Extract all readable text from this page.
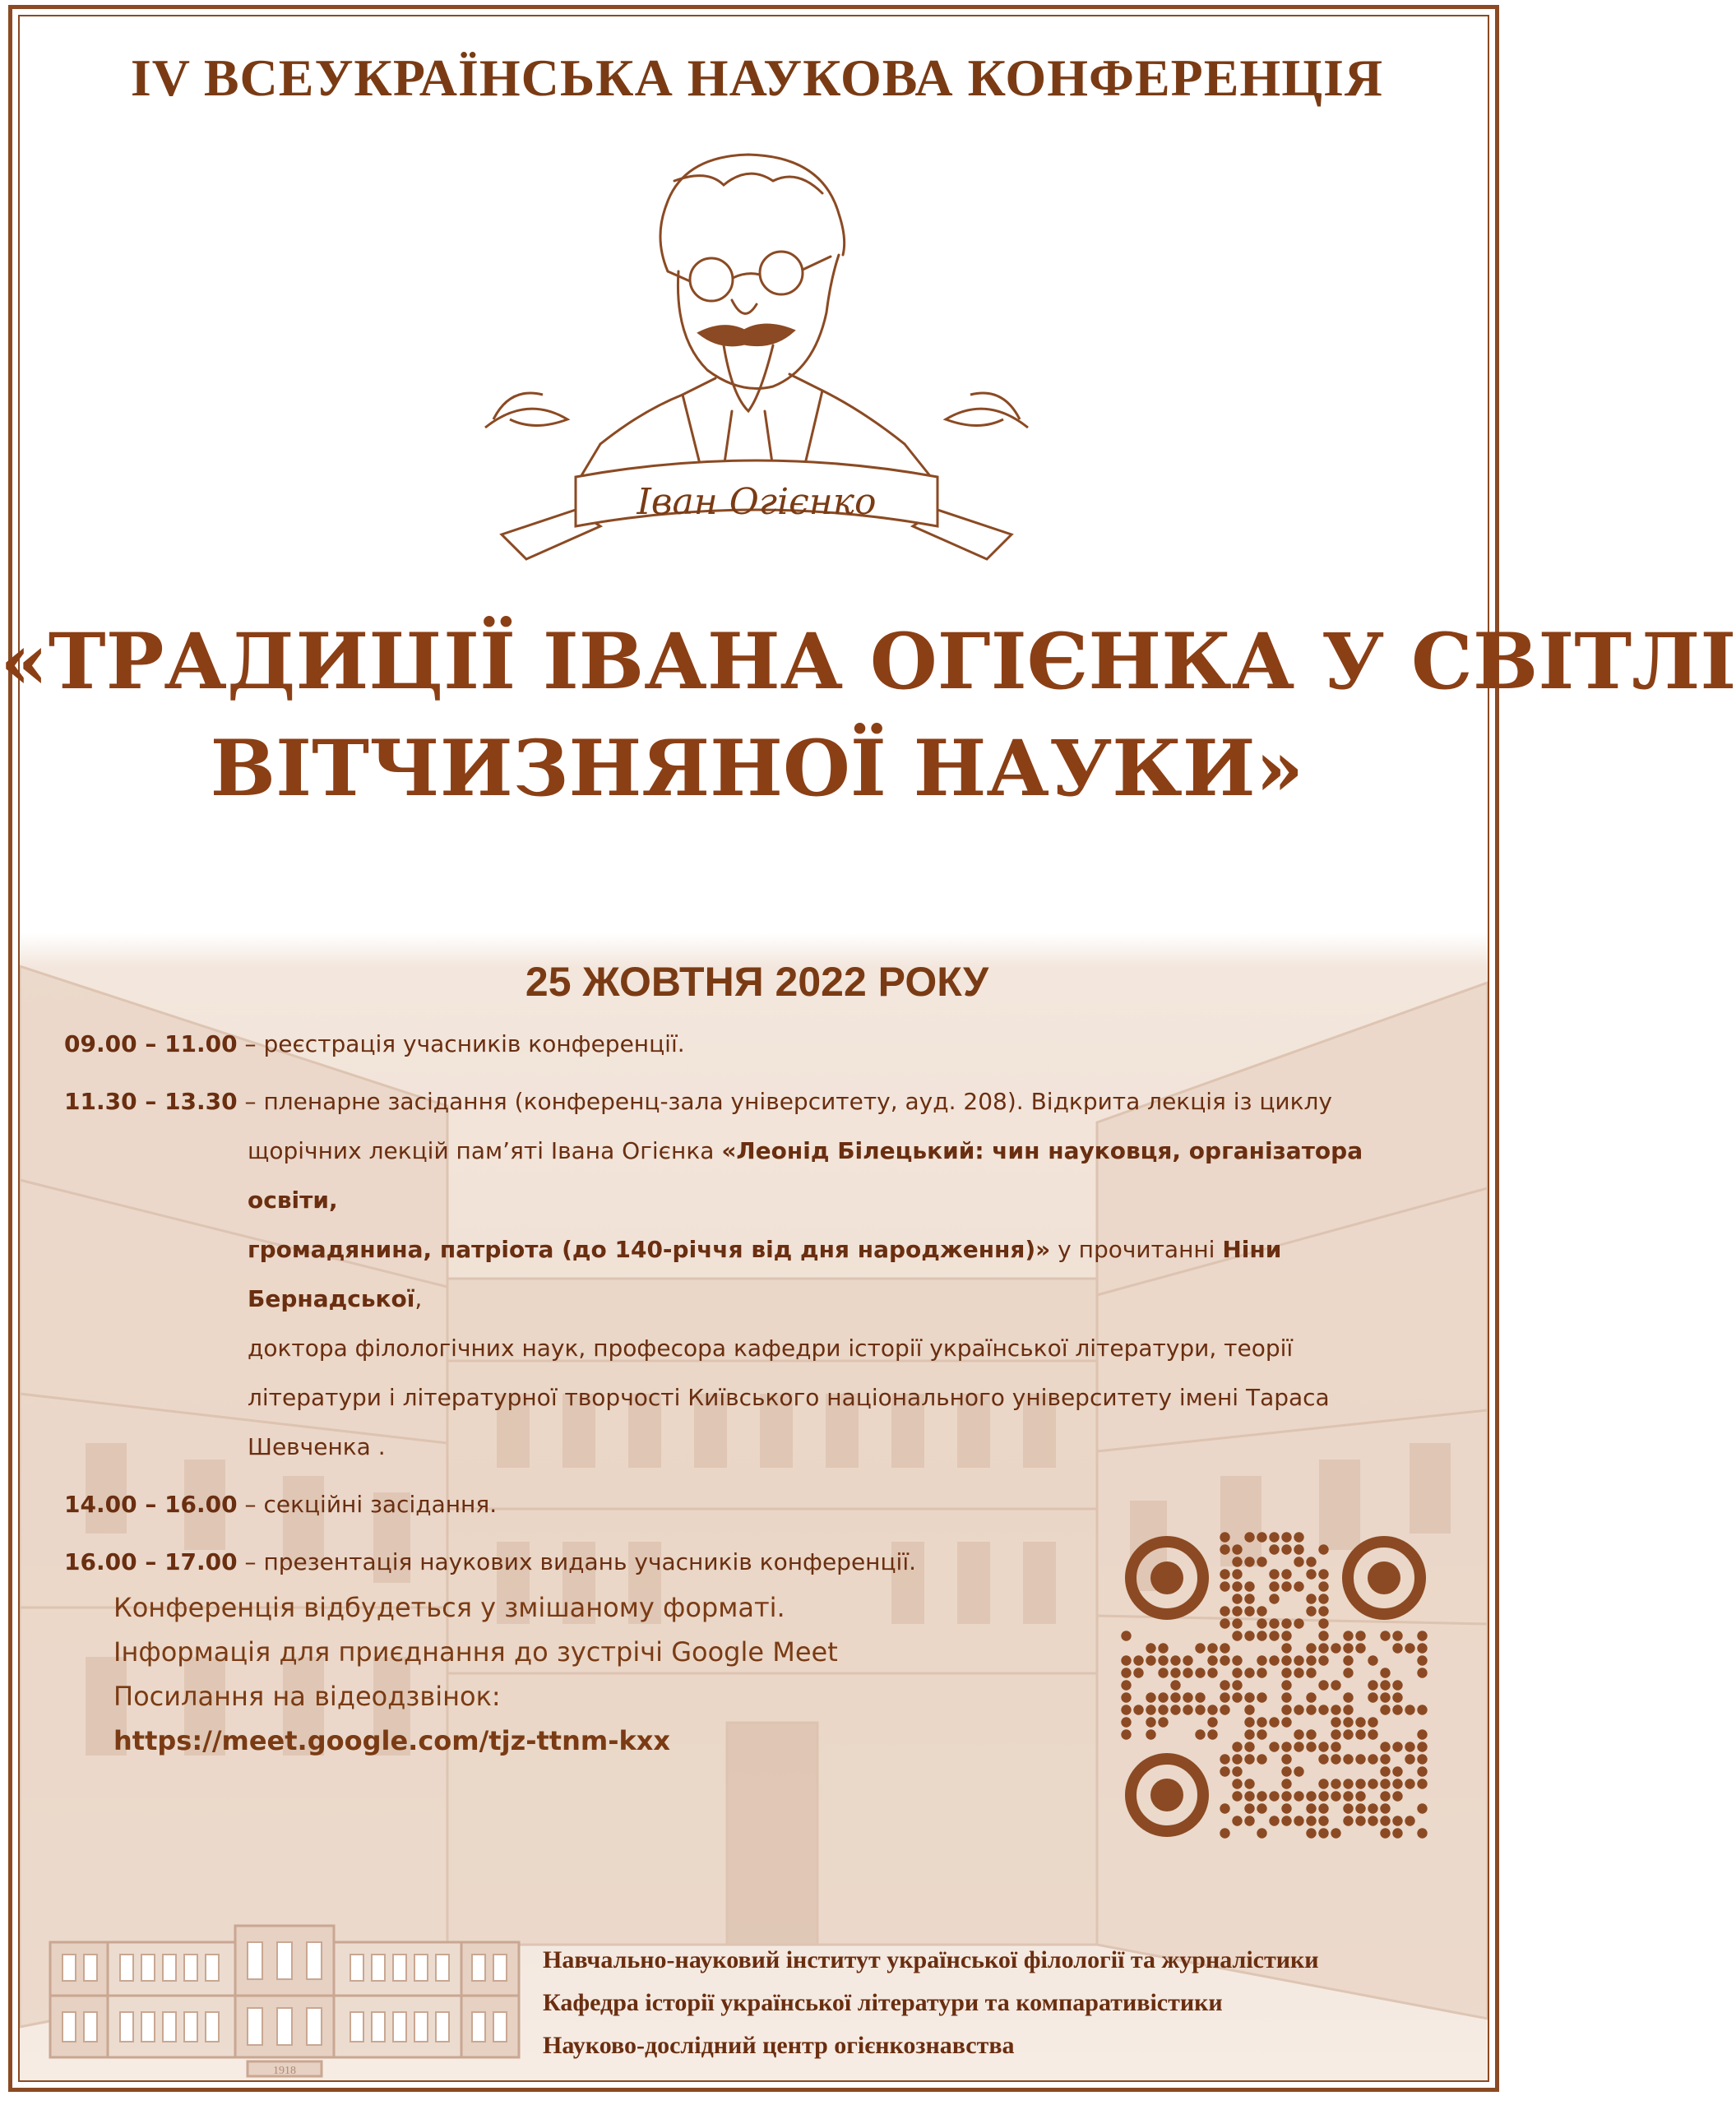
IV ВСЕУКРАЇНСЬКА НАУКОВА КОНФЕРЕНЦІЯ
Іван Огієнко
«ТРАДИЦІЇ ІВАНА ОГІЄНКА У СВІТЛІ
ВІТЧИЗНЯНОЇ НАУКИ»
25 ЖОВТНЯ 2022 РОКУ
09.00 – 11.00 – реєстрація учасників конференції.
11.30 – 13.30 – пленарне засідання (конференц-зала університету, ауд. 208). Відкрита лекція із циклу
щорічних лекцій пам’яті Івана Огієнка «Леонід Білецький: чин науковця, організатора освіти,
громадянина, патріота (до 140-річчя від дня народження)» у прочитанні Ніни Бернадської,
доктора філологічних наук, професора кафедри історії української літератури, теорії
літератури і літературної творчості Київського національного університету імені Тараса
Шевченка .
14.00 – 16.00 – секційні засідання.
16.00 – 17.00 – презентація наукових видань учасників конференції.
Конференція відбудеться у змішаному форматі.
Інформація для приєднання до зустрічі Google Meet
Посилання на відеодзвінок:
https://meet.google.com/tjz-ttnm-kxx
1918
Навчально-науковий інститут української філології та журналістики
Кафедра історії української літератури та компаративістики
Науково-дослідний центр огієнкознавства
